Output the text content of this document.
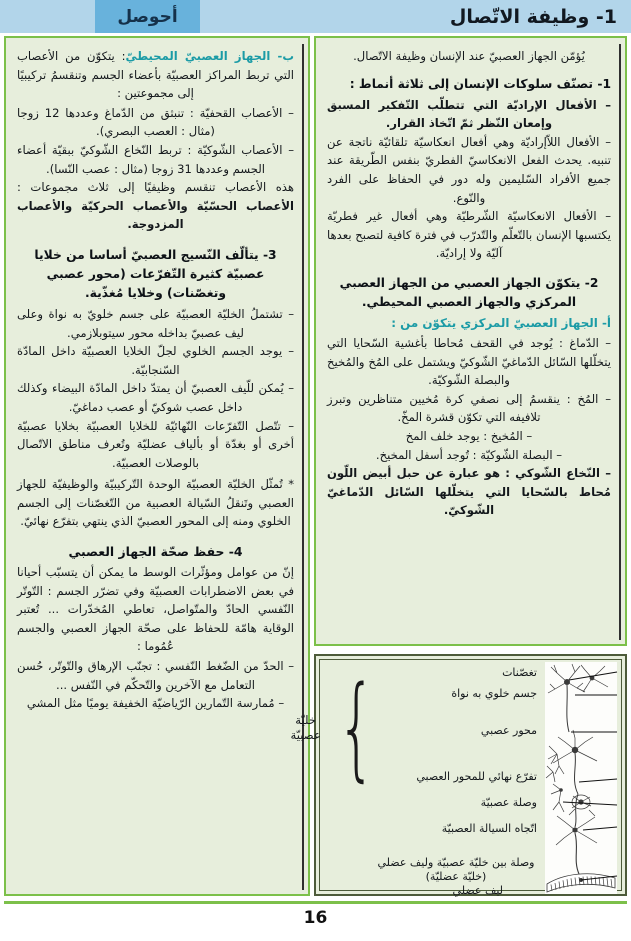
1- وظيفة الاتّصال
أحوصل

يُؤمّن الجهاز العصبيّ عند الإنسان وظيفة الاتّصال.

1- تصنّف سلوكات الإنسان إلى ثلاثة أنماط :

– الأفعال الإراديّة التي تتطلّب التّفكير المسبق وإمعان النّظر ثمّ اتّخاذ القرار.

– الأفعال اللاّإراديّة وهي أفعال انعكاسيّة تلقائيّة ناتجة عن تنبيه. يحدث الفعل الانعكاسيّ الفطريّ بنفس الطّريقة عند جميع الأفراد السّليمين وله دور في الحفاظ على الفرد والنّوع.

– الأفعال الانعكاسيّة الشّرطيّة وهي أفعال غير فطريّة يكتسبها الإنسان بالتّعلّم والتّدرّب في فترة كافية لتصبح بعدها آليّة ولا إراديّة.

2- يتكوّن الجهاز العصبي من الجهاز العصبي المركزي والجهاز العصبي المحيطي.

أ- الجهاز العصبيّ المركزي يتكوّن من :

– الدّماغ : يُوجد في القحف مُحاطا بأغشية السّحايا التي يتخلّلها السّائل الدّماغيّ الشّوكيّ ويشتمل على المُخ والمُخيخ والبصلة الشّوكيّة.

– المُخ : ينقسمُ إلى نصفي كرة مُخيين متناظرين وتبرز تلافيفه التي تكوّن قشرة المخّ.

– المُخيخ : يوجد خلف المخ

– البصلة الشّوكيّة : تُوجد أسفل المخيخ.

– النّخاع الشّوكي : هو عبارة عن حبل أبيض اللّون مُحاط بالسّحايا التي يتخلّلها السّائل الدّماغيّ الشّوكيّ.

ب- الجهاز العصبيّ المحيطيّ: يتكوّن من الأعصاب التي تربط المراكز العصبيّة بأعضاء الجسم وتنقسمُ تركيبيًا إلى مجموعتين :

– الأعصاب القحفيّة : تنبثق من الدّماغ وعددها 12 زوجا (مثال : العصب البصري).

– الأعصاب الشّوكيّة : تربط النّخاع الشّوكيّ ببقيّة أعضاء الجسم وعددها 31 زوجا (مثال : عصب النّسا).

هذه الأعصاب تنقسم وظيفيًا إلى ثلاث مجموعات : الأعصاب الحسّيّة والأعصاب الحركيّة والأعصاب المزدوجة.

3- يتألّف النّسيج العصبيّ أساسا من خلايا عصبيّة كثيرة التّفرّعات (محور عصبي وتغصّنات) وخلايا مُغذّية.

– تشتملُ الخليّة العصبيّة على جسم خلويّ به نواة وعلى ليف عصبيّ بداخله محور سيتوبلازمي.

– يوجد الجسم الخلوي لجلّ الخلايا العصبيّة داخل المادّة السّنجابيّة.

– يُمكن للّيف العصبيّ أن يمتدّ داخل المادّة البيضاء وكذلك داخل عصب شوكيّ أو عصب دماغيّ.

– تتّصل التّفرّعات النّهائيّة للخلايا العصبيّة بخلايا عصبيّة أخرى أو بغدّة أو بألياف عضليّة وتُعرف مناطق الاتّصال بالوصلات العصبيّة.

* تُمثّل الخليّة العصبيّة الوحدة التّركيبيّة والوظيفيّة للجهاز العصبي وتَنقلُ السّيالة العصبية من التّغصّنات إلى الجسم الخلوي ومنه إلى المحور العصبيّ الذي ينتهي بتفرّع نهائيّ.

4- حفظ صحّة الجهاز العصبي

إنّ من عوامل ومؤثّرات الوسط ما يمكن أن يتسبّب أحيانا في بعض الاضطرابات العصبيّة وفي تضرّر الجسم : التّوتّر النّفسي الحادّ والمتّواصل، تعاطي المُخدّرات ... تُعتبر الوقاية هامّة للحفاظ على صحّة الجهاز العصبي والجسم عُمُوما :

– الحدّ من الضّغط النّفسي : تجنّب الإرهاق والتّوتّر، حُسن التعامل مع الآخرين والتّحكّم في النّفس ...

– مُمارسة التّمارين الرّياضيّة الخفيفة يوميًا مثل المشي

تغصّنات
جسم خلوي به نواة
محور عصبي
تفرّع نهائي للمحور العصبي
وصلة عصبيّة
اتّجاه السيالة العصبيّة
وصلة بين خليّة عصبيّة وليف عضلي (خليّة عضليّة)
ليف عضلي
}
خليّة عصبيّة
16
